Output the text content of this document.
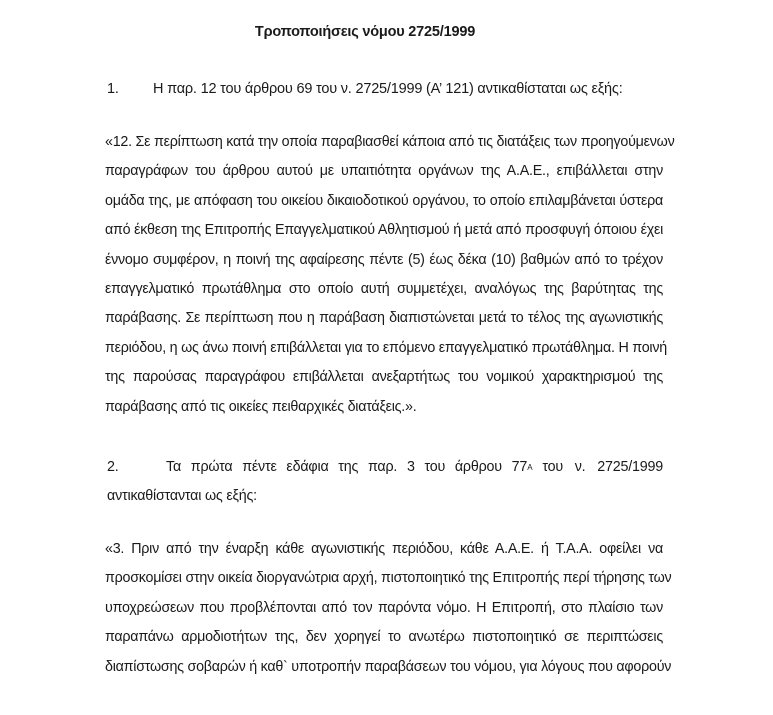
Τροποποιήσεις νόμου 2725/1999
1. Η παρ. 12 του άρθρου 69 του ν. 2725/1999 (Α’ 121) αντικαθίσταται ως εξής:
«12. Σε περίπτωση κατά την οποία παραβιασθεί κάποια από τις διατάξεις των προηγούμενων
παραγράφων του άρθρου αυτού με υπαιτιότητα οργάνων της Α.Α.Ε., επιβάλλεται στην
ομάδα της, με απόφαση του οικείου δικαιοδοτικού οργάνου, το οποίο επιλαμβάνεται ύστερα
από έκθεση της Επιτροπής Επαγγελματικού Αθλητισμού ή μετά από προσφυγή όποιου έχει
έννομο συμφέρον, η ποινή της αφαίρεσης πέντε (5) έως δέκα (10) βαθμών από το τρέχον
επαγγελματικό πρωτάθλημα στο οποίο αυτή συμμετέχει, αναλόγως της βαρύτητας της
παράβασης. Σε περίπτωση που η παράβαση διαπιστώνεται μετά το τέλος της αγωνιστικής
περιόδου, η ως άνω ποινή επιβάλλεται για το επόμενο επαγγελματικό πρωτάθλημα. Η ποινή
της παρούσας παραγράφου επιβάλλεται ανεξαρτήτως του νομικού χαρακτηρισμού της
παράβασης από τις οικείες πειθαρχικές διατάξεις.».
2.	Τα πρώτα πέντε εδάφια της παρ. 3 του άρθρου 77 Α του ν. 2725/1999
αντικαθίστανται ως εξής:
«3. Πριν από την έναρξη κάθε αγωνιστικής περιόδου, κάθε Α.Α.Ε. ή Τ.Α.Α. οφείλει να
προσκομίσει στην οικεία διοργανώτρια αρχή, πιστοποιητικό της Επιτροπής περί τήρησης των
υποχρεώσεων που προβλέπονται από τον παρόντα νόμο. Η Επιτροπή, στο πλαίσιο των
παραπάνω αρμοδιοτήτων της, δεν χορηγεί το ανωτέρω πιστοποιητικό σε περιπτώσεις
διαπίστωσης σοβαρών ή καθ` υποτροπήν παραβάσεων του νόμου, για λόγους που αφορούν
